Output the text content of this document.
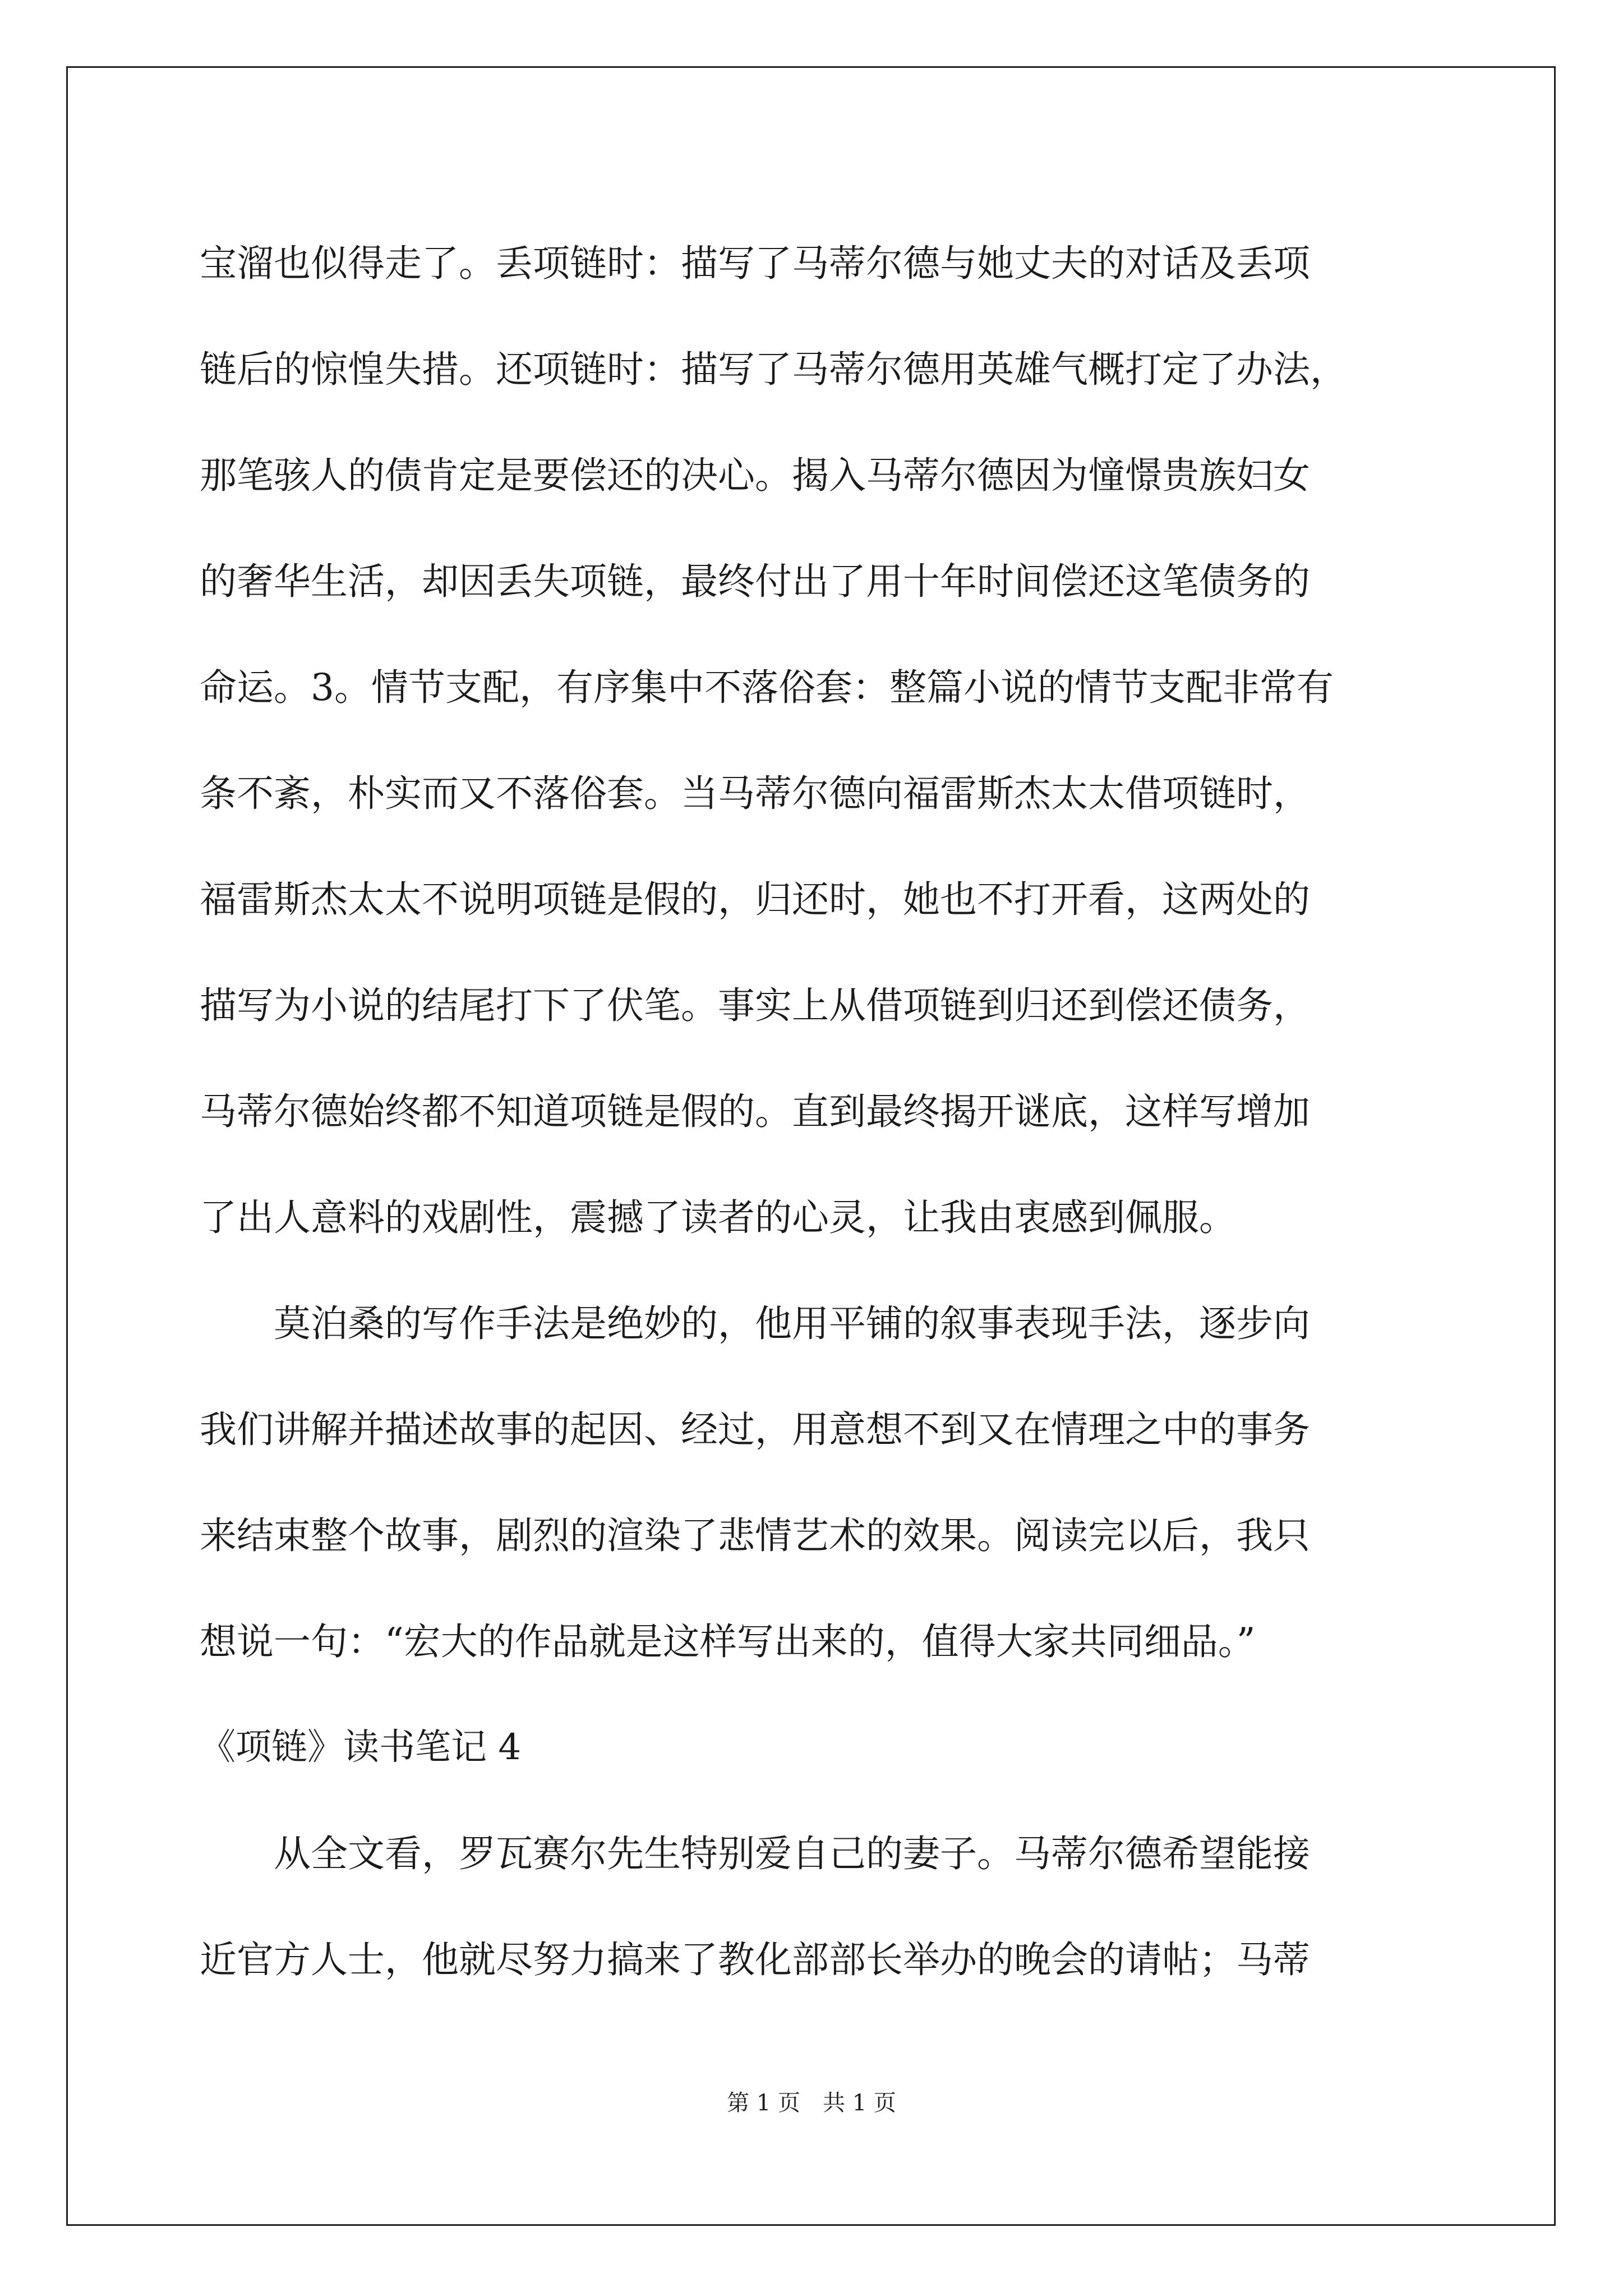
宝溜也似得走了。丢项链时：描写了马蒂尔德与她丈夫的对话及丢项
链后的惊惶失措。还项链时：描写了马蒂尔德用英雄气概打定了办法，
那笔骇人的债肯定是要偿还的决心。揭入马蒂尔德因为憧憬贵族妇女
的奢华生活，却因丢失项链，最终付出了用十年时间偿还这笔债务的
命运。3。情节支配，有序集中不落俗套：整篇小说的情节支配非常有
条不紊，朴实而又不落俗套。当马蒂尔德向福雷斯杰太太借项链时，
福雷斯杰太太不说明项链是假的，归还时，她也不打开看，这两处的
描写为小说的结尾打下了伏笔。事实上从借项链到归还到偿还债务，
马蒂尔德始终都不知道项链是假的。直到最终揭开谜底，这样写增加
了出人意料的戏剧性，震撼了读者的心灵，让我由衷感到佩服。
莫泊桑的写作手法是绝妙的，他用平铺的叙事表现手法，逐步向
我们讲解并描述故事的起因、经过，用意想不到又在情理之中的事务
来结束整个故事，剧烈的渲染了悲情艺术的效果。阅读完以后，我只
想说一句：“宏大的作品就是这样写出来的，值得大家共同细品。”
《项链》读书笔记 4
从全文看，罗瓦赛尔先生特别爱自己的妻子。马蒂尔德希望能接
近官方人士，他就尽努力搞来了教化部部长举办的晚会的请帖；马蒂
第 1 页 共 1 页
